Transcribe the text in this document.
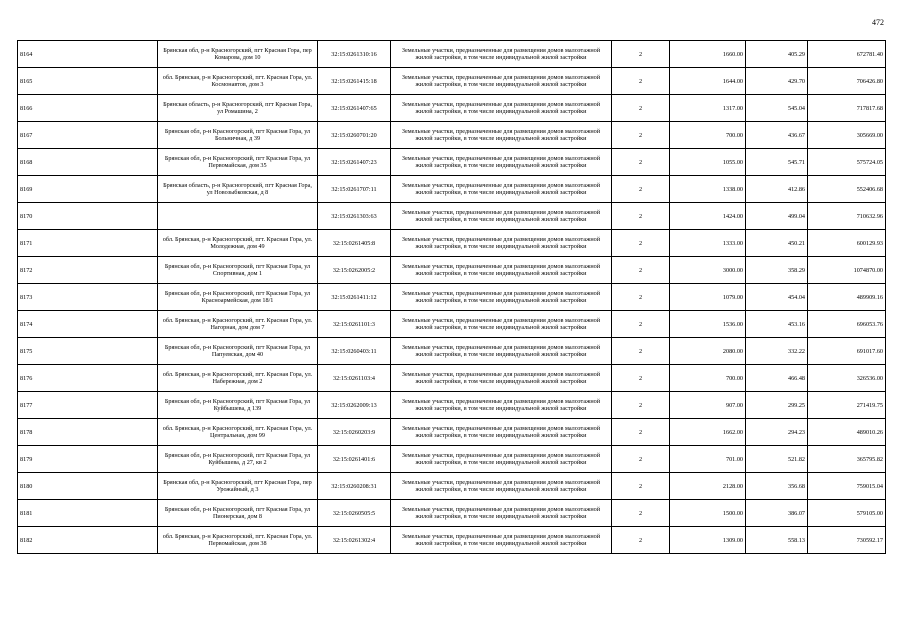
472
8164	Брянская обл, р-н Красногорский, пгт Красная Гора, пер Комарова, дом 10	32:15:0261310:16	Земельные участки, предназначенные для размещения домов малоэтажной жилой застройки, в том числе индивидуальной жилой застройки	2	1660.00	405.29	672781.40
8165	обл. Брянская, р-н Красногорский, пгт. Красная Гора, ул. Космонавтов, дом 3	32:15:0261415:18	Земельные участки, предназначенные для размещения домов малоэтажной жилой застройки, в том числе индивидуальной жилой застройки	2	1644.00	429.70	706426.80
8166	Брянская область, р-н Красногорский, пгт Красная Гора, ул Ромашина, 2	32:15:0261407:65	Земельные участки, предназначенные для размещения домов малоэтажной жилой застройки, в том числе индивидуальной жилой застройки	2	1317.00	545.04	717817.68
8167	Брянская обл, р-н Красногорский, пгт Красная Гора, ул Больничная, д 39	32:15:0260701:20	Земельные участки, предназначенные для размещения домов малоэтажной жилой застройки, в том числе индивидуальной жилой застройки	2	700.00	436.67	305669.00
8168	Брянская обл, р-н Красногорский, пгт Красная Гора, ул Первомайская, дом 35	32:15:0261407:23	Земельные участки, предназначенные для размещения домов малоэтажной жилой застройки, в том числе индивидуальной жилой застройки	2	1055.00	545.71	575724.05
8169	Брянская область, р-н Красногорский, пгт Красная Гора, ул Новозыбковская, д 8	32:15:0261707:11	Земельные участки, предназначенные для размещения домов малоэтажной жилой застройки, в том числе индивидуальной жилой застройки	2	1338.00	412.86	552406.68
8170		32:15:0261303:63	Земельные участки, предназначенные для размещения домов малоэтажной жилой застройки, в том числе индивидуальной жилой застройки	2	1424.00	499.04	710632.96
8171	обл. Брянская, р-н Красногорский, пгт. Красная Гора, ул. Молодежная, дом 49	32:15:0261405:8	Земельные участки, предназначенные для размещения домов малоэтажной жилой застройки, в том числе индивидуальной жилой застройки	2	1333.00	450.21	600129.93
8172	Брянская обл, р-н Красногорский, пгт Красная Гора, ул Спортивная, дом 1	32:15:0262005:2	Земельные участки, предназначенные для размещения домов малоэтажной жилой застройки, в том числе индивидуальной жилой застройки	2	3000.00	358.29	1074870.00
8173	Брянская обл, р-н Красногорский, пгт Красная Гора, ул Красноармейская, дом 18/1	32:15:0261411:12	Земельные участки, предназначенные для размещения домов малоэтажной жилой застройки, в том числе индивидуальной жилой застройки	2	1079.00	454.04	489909.16
8174	обл. Брянская, р-н Красногорский, пгт. Красная Гора, ул. Нагорная, дом дом 7	32:15:0261101:3	Земельные участки, предназначенные для размещения домов малоэтажной жилой застройки, в том числе индивидуальной жилой застройки	2	1536.00	453.16	696053.76
8175	Брянская обл, р-н Красногорский, пгт Красная Гора, ул Папуевская, дом 40	32:15:0260403:11	Земельные участки, предназначенные для размещения домов малоэтажной жилой застройки, в том числе индивидуальной жилой застройки	2	2080.00	332.22	691017.60
8176	обл. Брянская, р-н Красногорский, пгт. Красная Гора, ул. Набережная, дом 2	32:15:0261103:4	Земельные участки, предназначенные для размещения домов малоэтажной жилой застройки, в том числе индивидуальной жилой застройки	2	700.00	466.48	326536.00
8177	Брянская обл, р-н Красногорский, пгт Красная Гора, ул Куйбышева, д 139	32:15:0262009:13	Земельные участки, предназначенные для размещения домов малоэтажной жилой застройки, в том числе индивидуальной жилой застройки	2	907.00	299.25	271419.75
8178	обл. Брянская, р-н Красногорский, пгт. Красная Гора, ул. Центральная, дом 99	32:15:0260203:9	Земельные участки, предназначенные для размещения домов малоэтажной жилой застройки, в том числе индивидуальной жилой застройки	2	1662.00	294.23	489010.26
8179	Брянская обл, р-н Красногорский, пгт Красная Гора, ул Куйбышева, д 27, кв 2	32:15:0261401:6	Земельные участки, предназначенные для размещения домов малоэтажной жилой застройки, в том числе индивидуальной жилой застройки	2	701.00	521.82	365795.82
8180	Брянская обл, р-н Красногорский, пгт Красная Гора, пер Урожайный, д 3	32:15:0260208:31	Земельные участки, предназначенные для размещения домов малоэтажной жилой застройки, в том числе индивидуальной жилой застройки	2	2128.00	356.68	759015.04
8181	Брянская обл, р-н Красногорский, пгт Красная Гора, ул Пионерская, дом 8	32:15:0260505:5	Земельные участки, предназначенные для размещения домов малоэтажной жилой застройки, в том числе индивидуальной жилой застройки	2	1500.00	386.07	579105.00
8182	обл. Брянская, р-н Красногорский, пгт. Красная Гора, ул. Первомайская, дом 38	32:15:0261302:4	Земельные участки, предназначенные для размещения домов малоэтажной жилой застройки, в том числе индивидуальной жилой застройки	2	1309.00	558.13	730592.17
